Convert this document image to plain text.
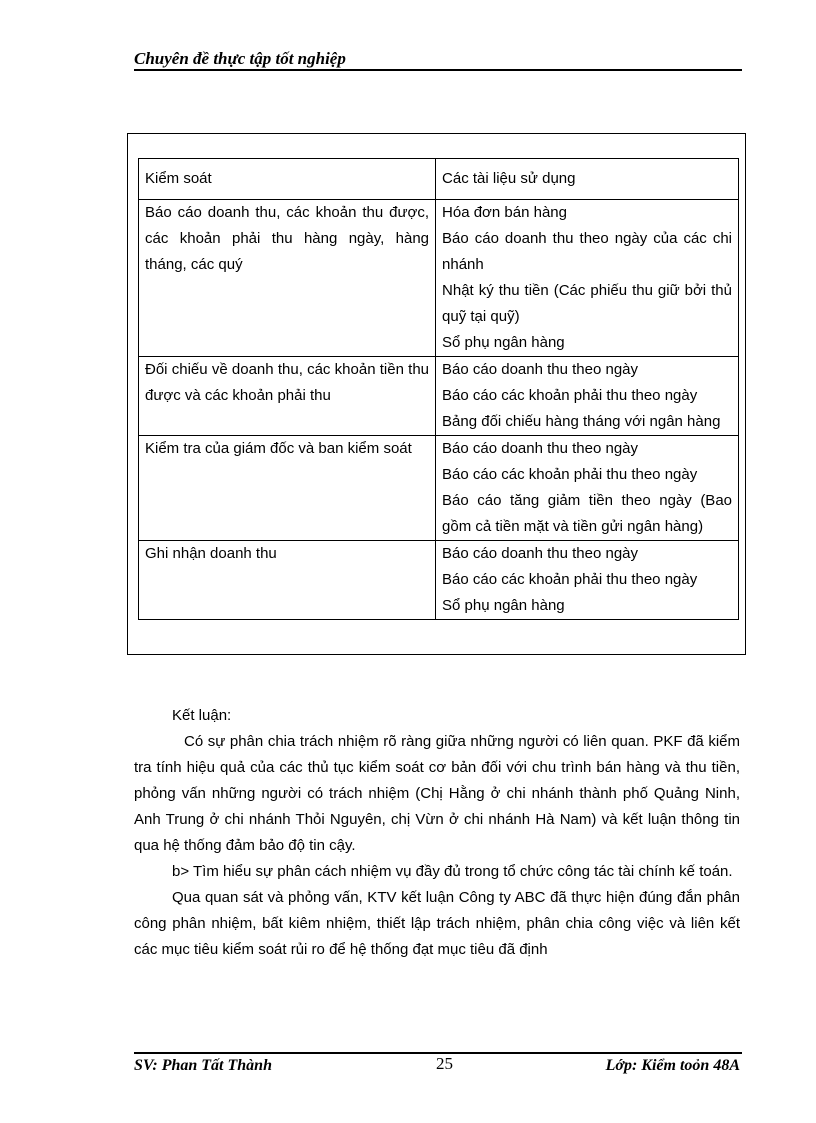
Chuyên đề thực tập tốt nghiệp
Kiểm soát	Các tài liệu sử dụng
Báo cáo doanh thu, các khoản thu được, các khoản phải thu hàng ngày, hàng tháng, các quý	Hóa đơn bán hàng
Báo cáo doanh thu theo ngày của các chi nhánh
Nhật ký thu tiền (Các phiếu thu giữ bởi thủ quỹ tại quỹ)
Sổ phụ ngân hàng

Đối chiếu về doanh thu, các khoản tiền thu được và các khoản phải thu	Báo cáo doanh thu theo ngày
Báo cáo các khoản phải thu theo ngày
Bảng đối chiếu hàng tháng với ngân hàng

Kiểm tra của giám đốc và ban kiểm soát	Báo cáo doanh thu theo ngày
Báo cáo các khoản phải thu theo ngày
Báo cáo tăng giảm tiền theo ngày (Bao gồm cả tiền mặt và tiền gửi ngân hàng)

Ghi nhận doanh thu	Báo cáo doanh thu theo ngày
Báo cáo các khoản phải thu theo ngày
Sổ phụ ngân hàng

Kết luận:

Có sự phân chia trách nhiệm rõ ràng giữa những người có liên quan. PKF đã kiểm tra tính hiệu quả của các thủ tục kiểm soát cơ bản đối với chu trình bán hàng và thu tiền, phỏng vấn những người có trách nhiệm (Chị Hằng ở chi nhánh thành phố Quảng Ninh, Anh Trung ở chi nhánh Thỏi Nguyên, chị Vừn ở chi nhánh Hà Nam) và kết luận thông tin qua hệ thống đảm bảo độ tin cậy.

b> Tìm hiểu sự phân cách nhiệm vụ đầy đủ trong tổ chức công tác tài chính kế toán.

Qua quan sát và phỏng vấn, KTV kết luận Công ty ABC đã thực hiện đúng đắn phân công phân nhiệm, bất kiêm nhiệm, thiết lập trách nhiệm, phân chia công việc và liên kết các mục tiêu kiểm soát rủi ro để hệ thống đạt mục tiêu đã định

SV: Phan Tất Thành	25	Lớp: Kiểm toỏn 48A
